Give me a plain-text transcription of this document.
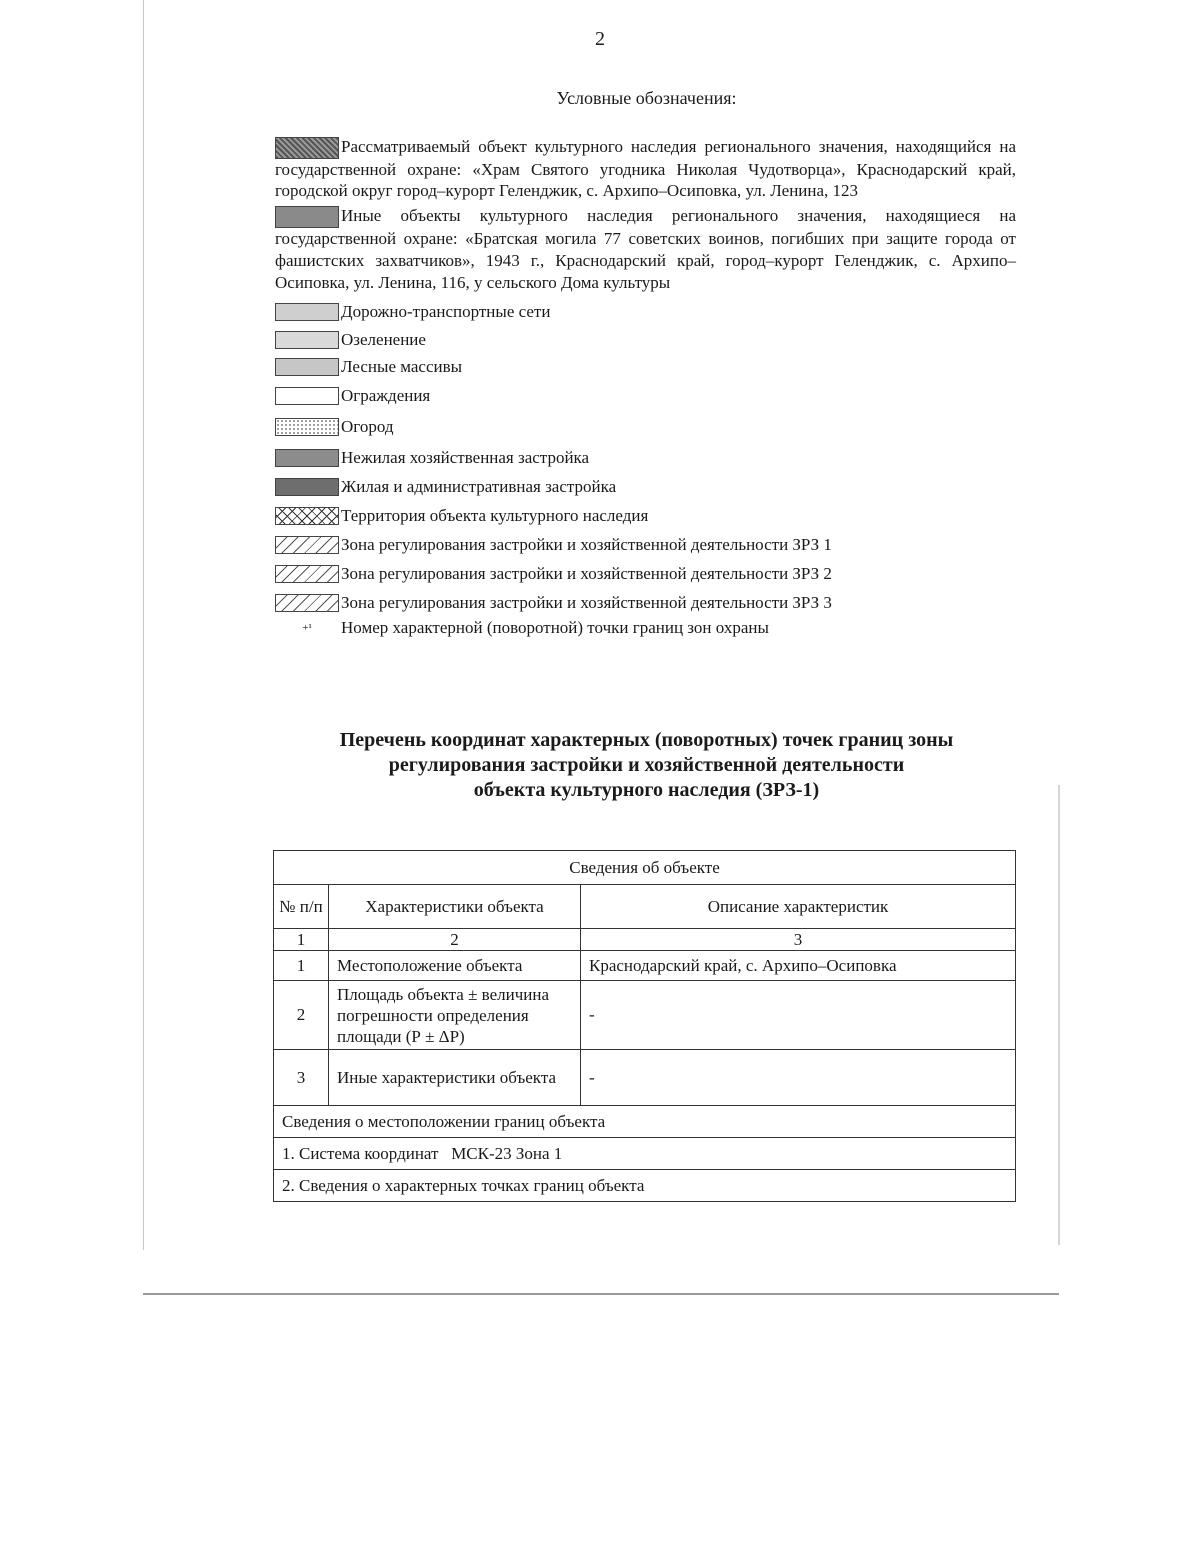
2
Условные обозначения:
Рассматриваемый объект культурного наследия регионального значения, находящийся на государственной охране: «Храм Святого угодника Николая Чудотворца», Краснодарский край, городской округ город–курорт Геленджик, с. Архипо–Осиповка, ул. Ленина, 123
Иные объекты культурного наследия регионального значения, находящиеся на государственной охране: «Братская могила 77 советских воинов, погибших при защите города от фашистских захватчиков», 1943 г., Краснодарский край, город–курорт Геленджик, с. Архипо–Осиповка, ул. Ленина, 116, у сельского Дома культуры
Дорожно-транспортные сети
Озеленение
Лесные массивы
Ограждения
Огород
Нежилая хозяйственная застройка
Жилая и административная застройка
Территория объекта культурного наследия
Зона регулирования застройки и хозяйственной деятельности ЗРЗ 1
Зона регулирования застройки и хозяйственной деятельности ЗРЗ 2
Зона регулирования застройки и хозяйственной деятельности ЗРЗ 3
+¹	Номер характерной (поворотной) точки границ зон охраны
Перечень координат характерных (поворотных) точек границ зоны
регулирования застройки и хозяйственной деятельности
объекта культурного наследия (ЗРЗ-1)
Сведения об объекте		
№ п/п	Характеристики объекта	Описание характеристик
1	2	3
1	Местоположение объекта	Краснодарский край, с. Архипо–Осиповка
2	Площадь объекта ± величина погрешности определения площади (Р ± ΔР)	-
3	Иные характеристики объекта	-
Сведения о местоположении границ объекта		
1. Система координат   МСК-23 Зона 1		
2. Сведения о характерных точках границ объекта		
